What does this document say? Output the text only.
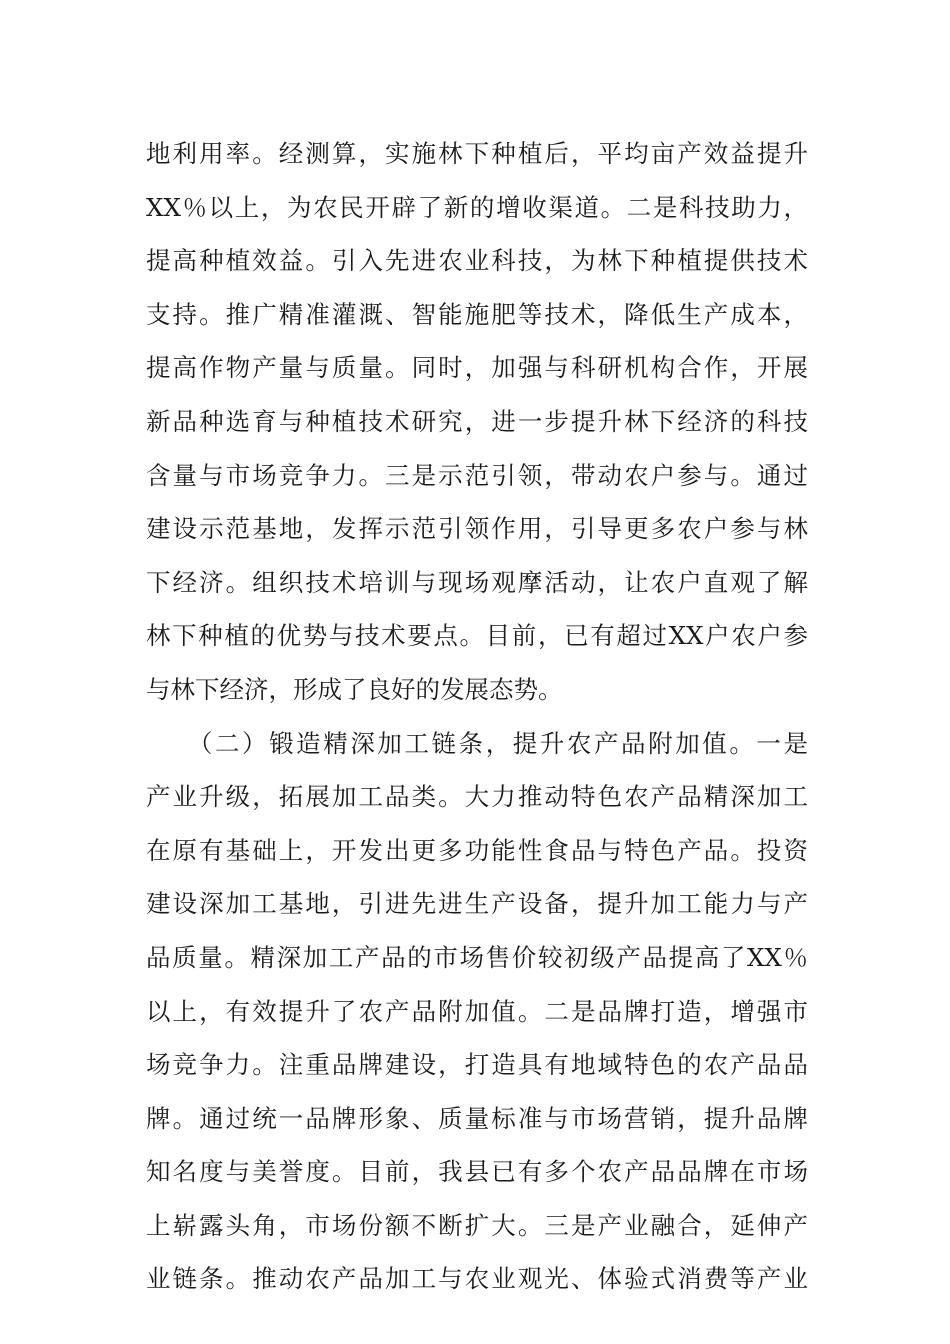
地利用率。经测算，实施林下种植后，平均亩产效益提升
XX％以上，为农民开辟了新的增收渠道。二是科技助力，
提高种植效益。引入先进农业科技，为林下种植提供技术
支持。推广精准灌溉、智能施肥等技术，降低生产成本，
提高作物产量与质量。同时，加强与科研机构合作，开展
新品种选育与种植技术研究，进一步提升林下经济的科技
含量与市场竞争力。三是示范引领，带动农户参与。通过
建设示范基地，发挥示范引领作用，引导更多农户参与林
下经济。组织技术培训与现场观摩活动，让农户直观了解
林下种植的优势与技术要点。目前，已有超过XX户农户参
与林下经济，形成了良好的发展态势。
　　（二）锻造精深加工链条，提升农产品附加值。一是
产业升级，拓展加工品类。大力推动特色农产品精深加工
在原有基础上，开发出更多功能性食品与特色产品。投资
建设深加工基地，引进先进生产设备，提升加工能力与产
品质量。精深加工产品的市场售价较初级产品提高了XX％
以上，有效提升了农产品附加值。二是品牌打造，增强市
场竞争力。注重品牌建设，打造具有地域特色的农产品品
牌。通过统一品牌形象、质量标准与市场营销，提升品牌
知名度与美誉度。目前，我县已有多个农产品品牌在市场
上崭露头角，市场份额不断扩大。三是产业融合，延伸产
业链条。推动农产品加工与农业观光、体验式消费等产业
